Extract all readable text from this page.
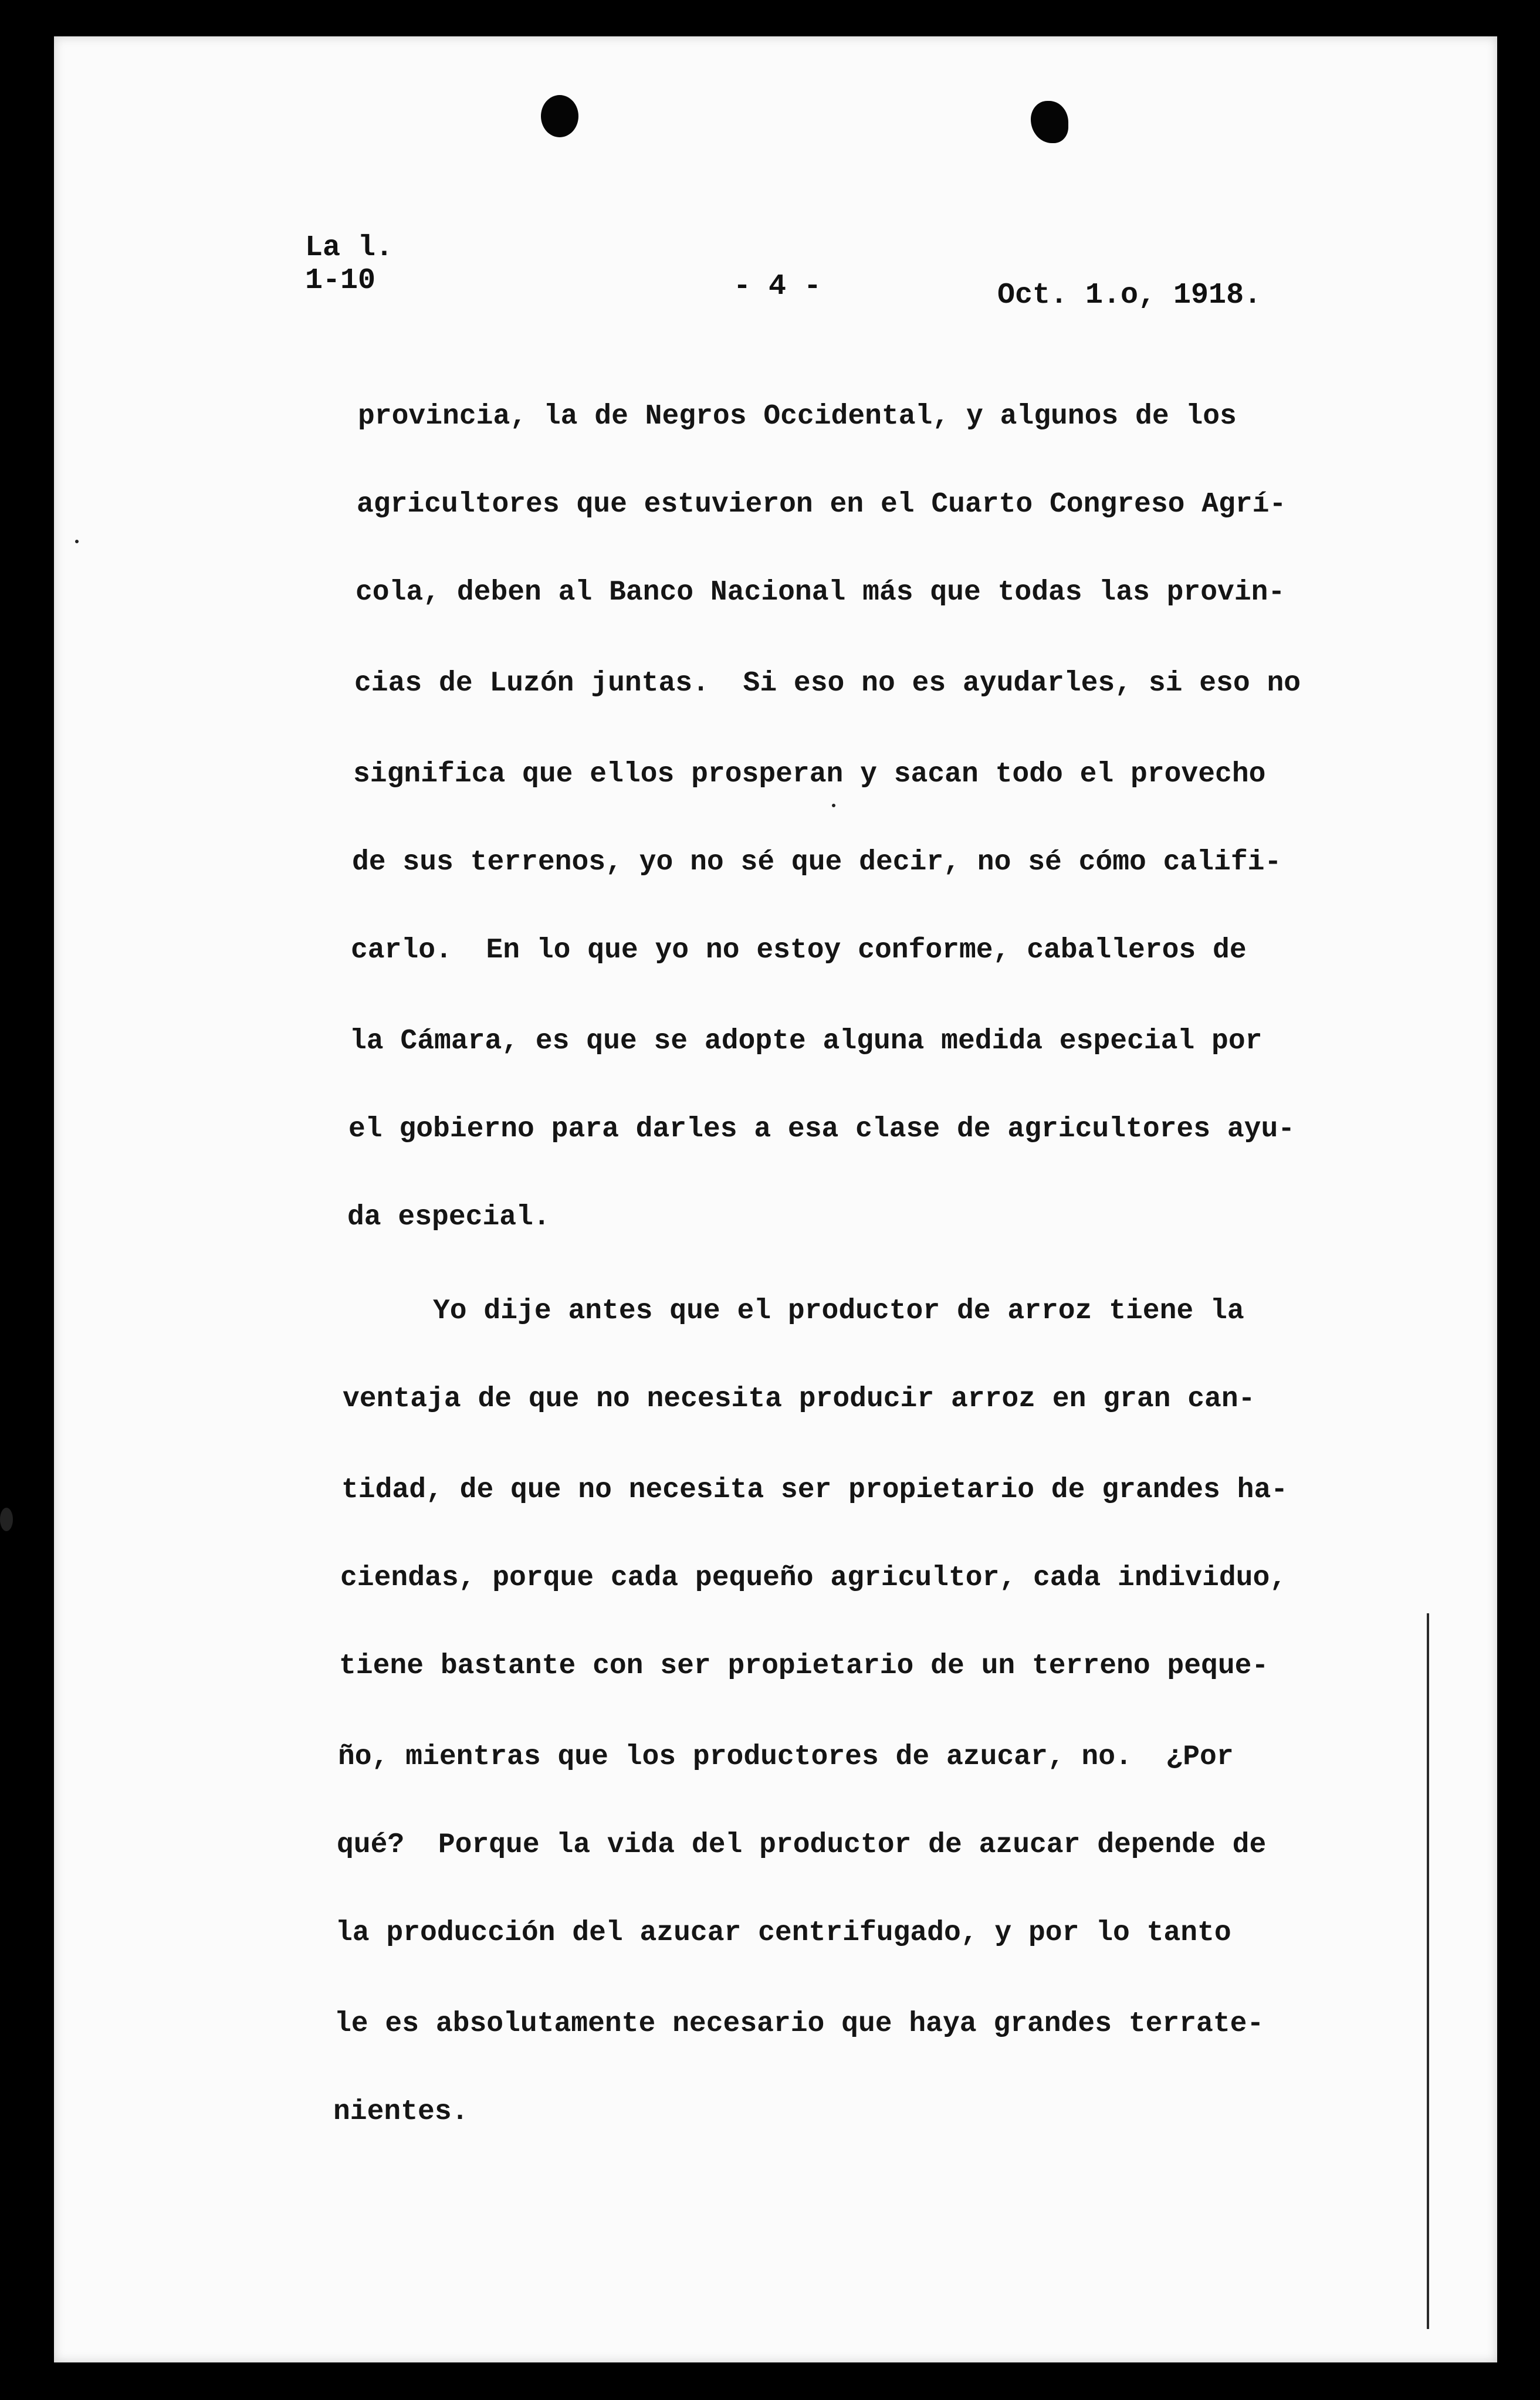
La l.
1-10	- 4 -	Oct. 1.o, 1918.
provincia, la de Negros Occidental, y algunos de los
agricultores que estuvieron en el Cuarto Congreso Agrí-
cola, deben al Banco Nacional más que todas las provin-
cias de Luzón juntas.  Si eso no es ayudarles, si eso no
significa que ellos prosperan y sacan todo el provecho
de sus terrenos, yo no sé que decir, no sé cómo califi-
carlo.  En lo que yo no estoy conforme, caballeros de
la Cámara, es que se adopte alguna medida especial por
el gobierno para darles a esa clase de agricultores ayu-
da especial.
Yo dije antes que el productor de arroz tiene la
ventaja de que no necesita producir arroz en gran can-
tidad, de que no necesita ser propietario de grandes ha-
ciendas, porque cada pequeño agricultor, cada individuo,
tiene bastante con ser propietario de un terreno peque-
ño, mientras que los productores de azucar, no.  ¿Por
qué?  Porque la vida del productor de azucar depende de
la producción del azucar centrifugado, y por lo tanto
le es absolutamente necesario que haya grandes terrate-
nientes.
